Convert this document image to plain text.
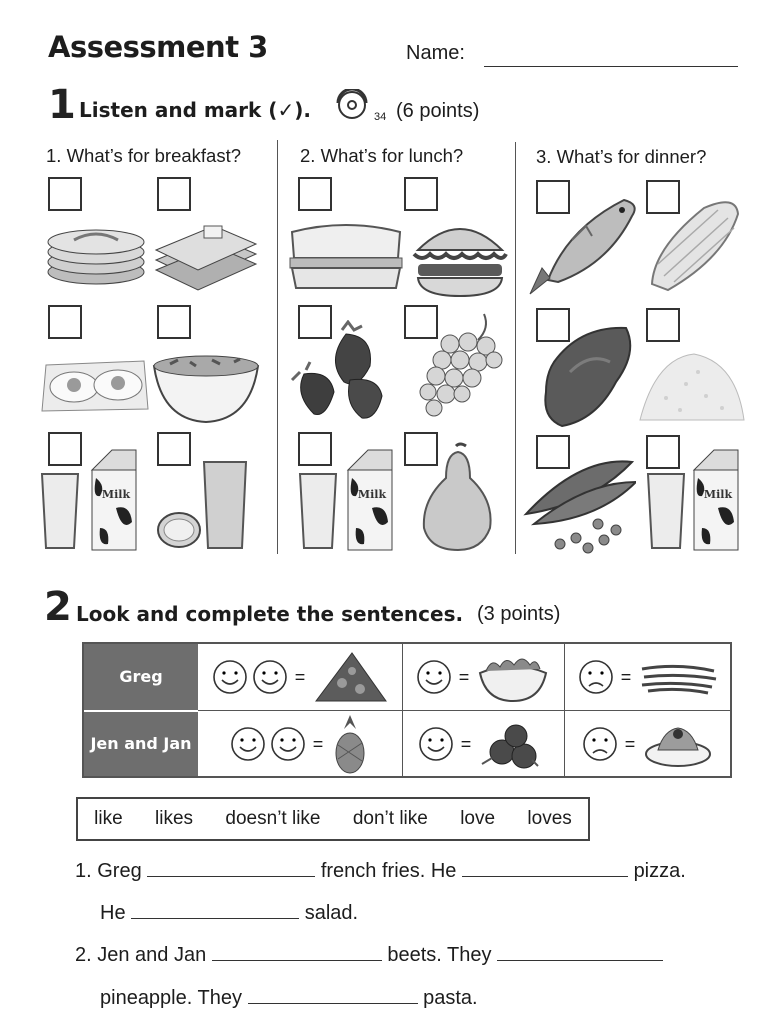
Assessment 3	Name:
1 Listen and mark (✓).	34 (6 points)
1. What’s for breakfast?	2. What’s for lunch?	3. What’s for dinner?
Milk	Milk	Milk
2 Look and complete the sentences. (3 points)
Greg
Jen and Jan
=	=	=
=	=	=
like likes doesn’t like don’t like love loves
1. Greg	french fries. He	pizza.
He	salad.
2. Jen and Jan	beets. They
pineapple. They	pasta.
